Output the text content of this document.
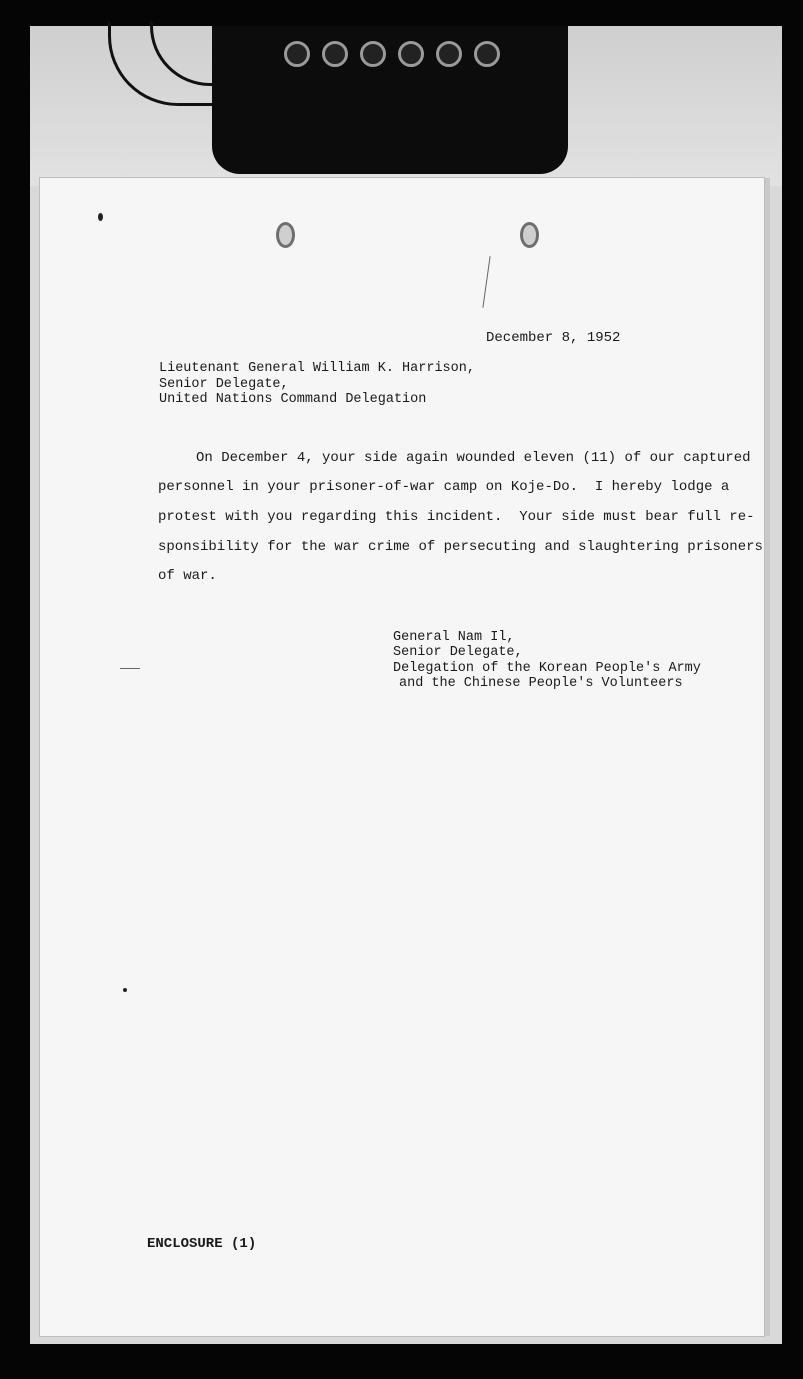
December 8, 1952
Lieutenant General William K. Harrison,
Senior Delegate,
United Nations Command Delegation
On December 4, your side again wounded eleven (11) of our captured
personnel in your prisoner-of-war camp on Koje-Do.  I hereby lodge a
protest with you regarding this incident.  Your side must bear full re-
sponsibility for the war crime of persecuting and slaughtering prisoners
of war.
General Nam Il,
Senior Delegate,
Delegation of the Korean People's Army
and the Chinese People's Volunteers
ENCLOSURE (1)
